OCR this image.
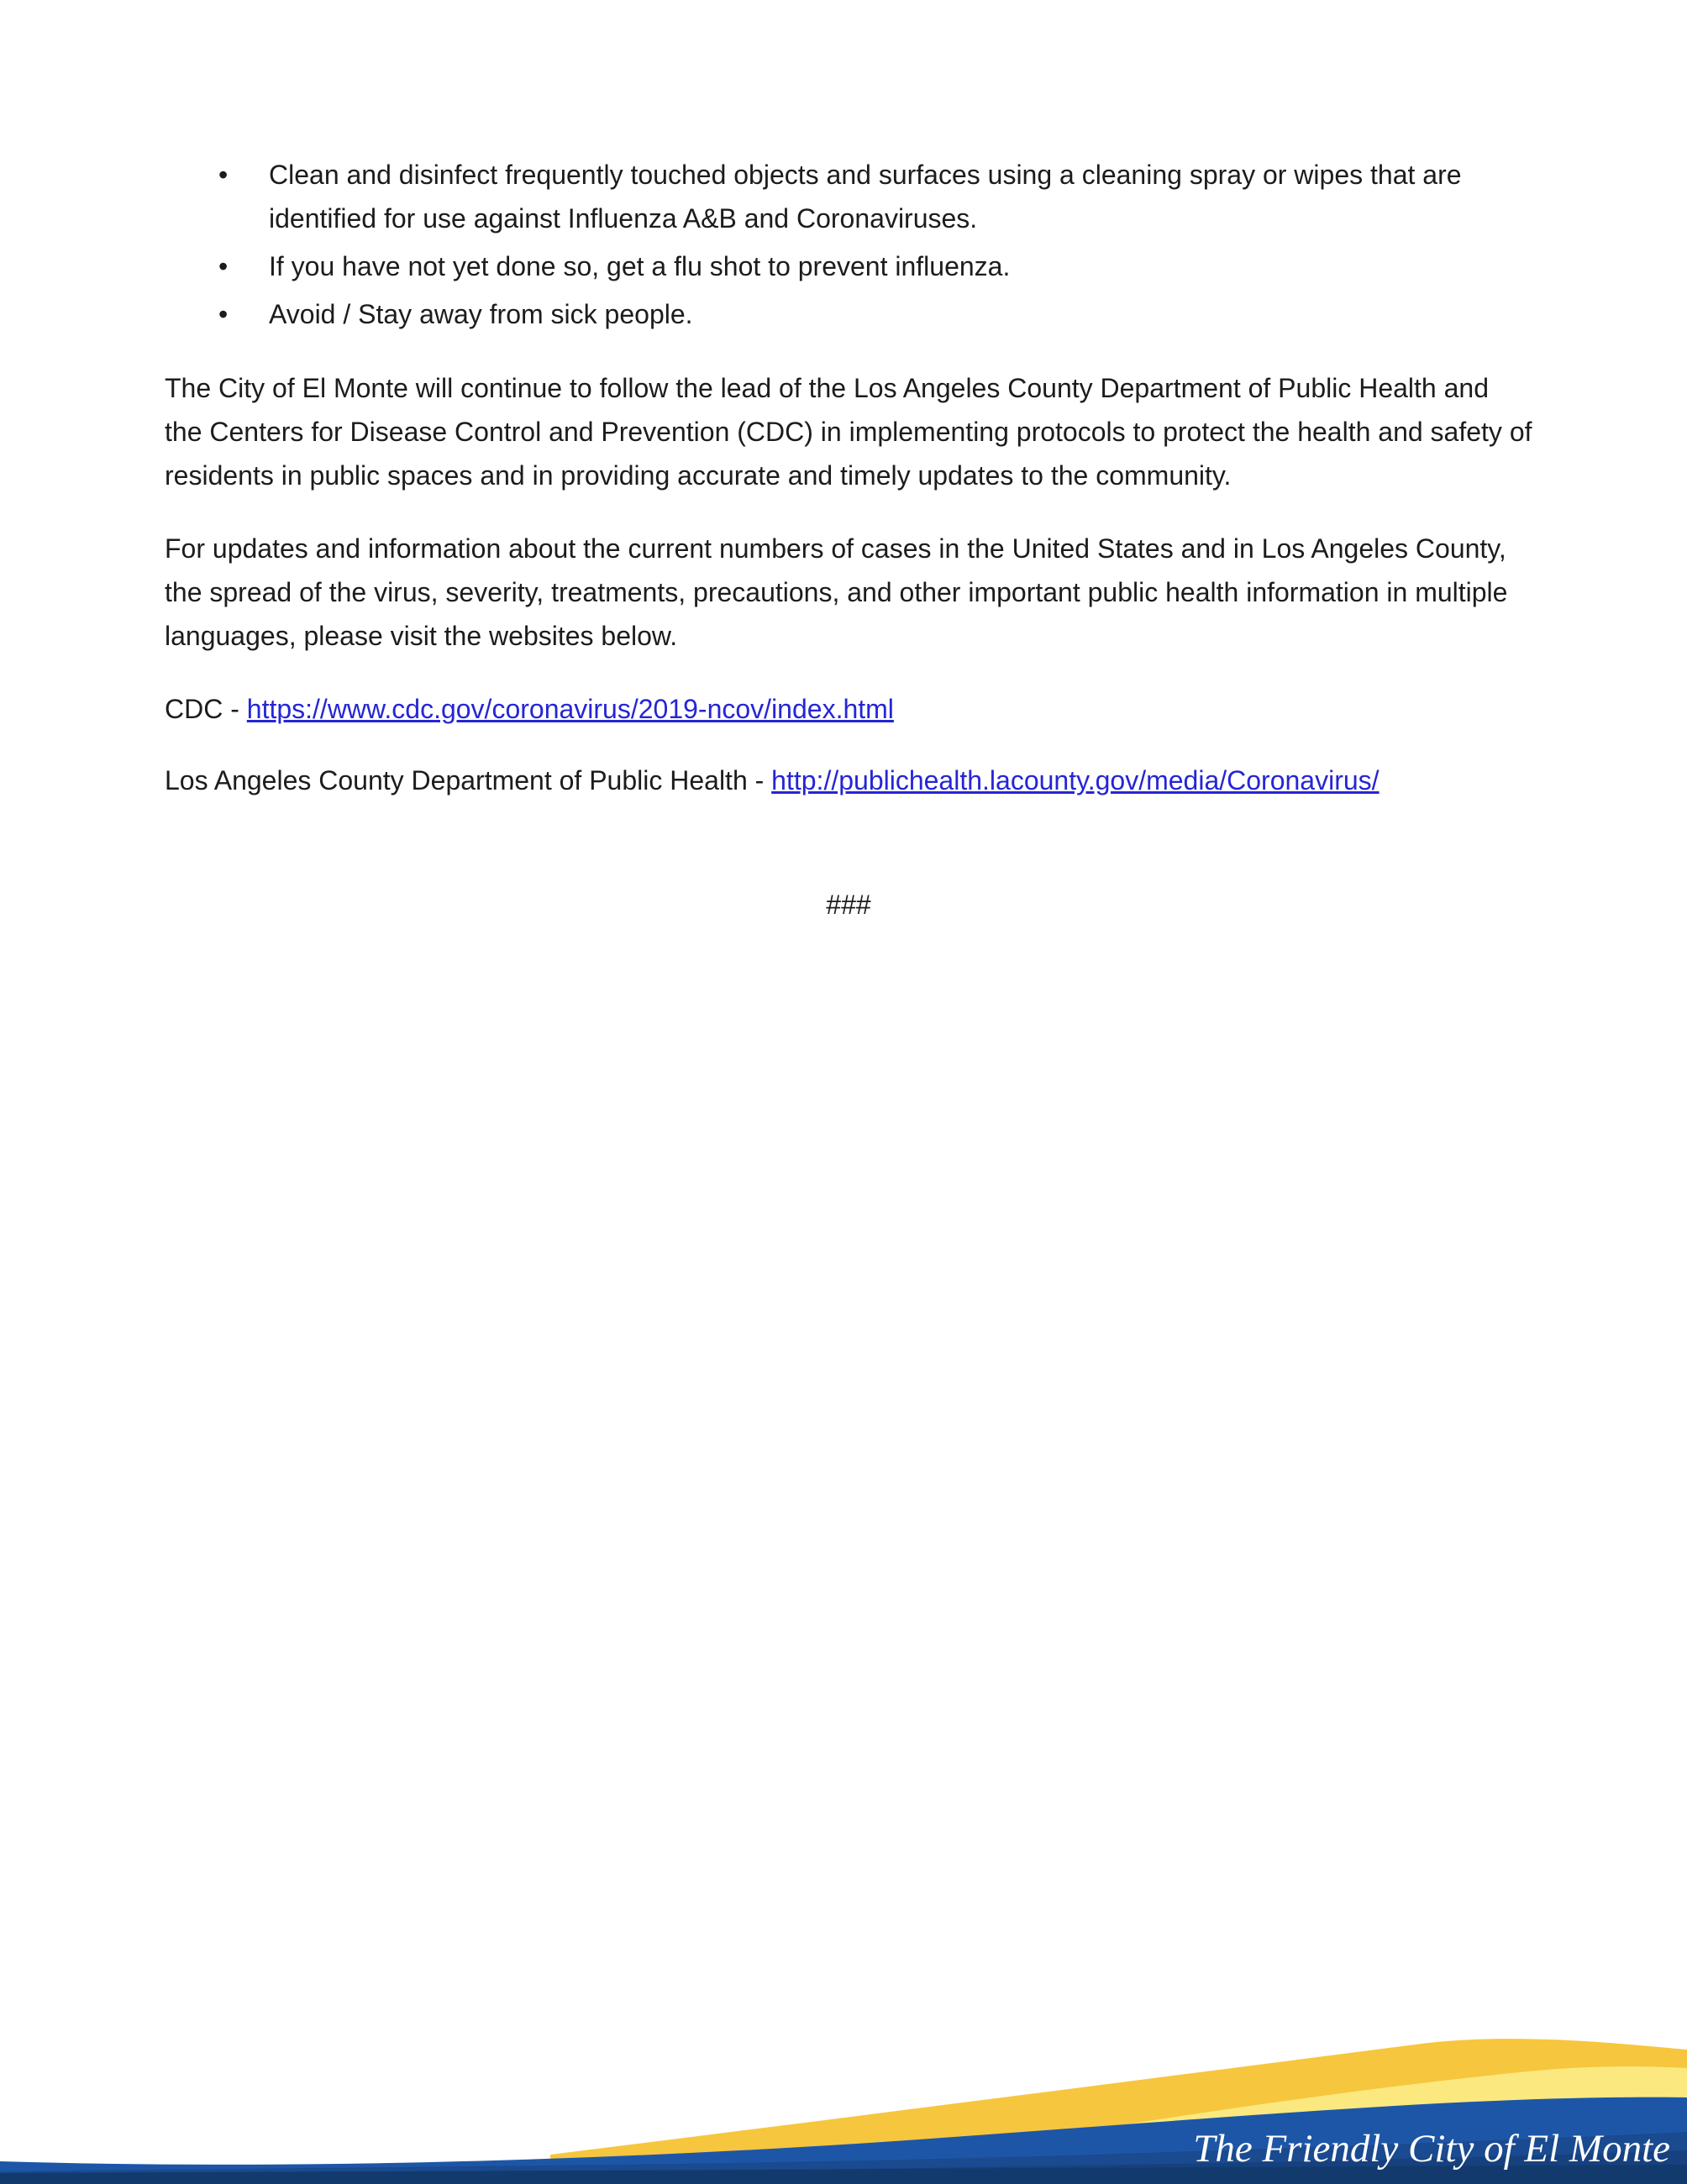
• Clean and disinfect frequently touched objects and surfaces using a cleaning spray or wipes that are identified for use against Influenza A&B and Coronaviruses.
• If you have not yet done so, get a flu shot to prevent influenza.
• Avoid / Stay away from sick people.

The City of El Monte will continue to follow the lead of the Los Angeles County Department of Public Health and the Centers for Disease Control and Prevention (CDC) in implementing protocols to protect the health and safety of residents in public spaces and in providing accurate and timely updates to the community.

For updates and information about the current numbers of cases in the United States and in Los Angeles County, the spread of the virus, severity, treatments, precautions, and other important public health information in multiple languages, please visit the websites below.

CDC - https://www.cdc.gov/coronavirus/2019-ncov/index.html

Los Angeles County Department of Public Health - http://publichealth.lacounty.gov/media/Coronavirus/

###

The Friendly City of El Monte
